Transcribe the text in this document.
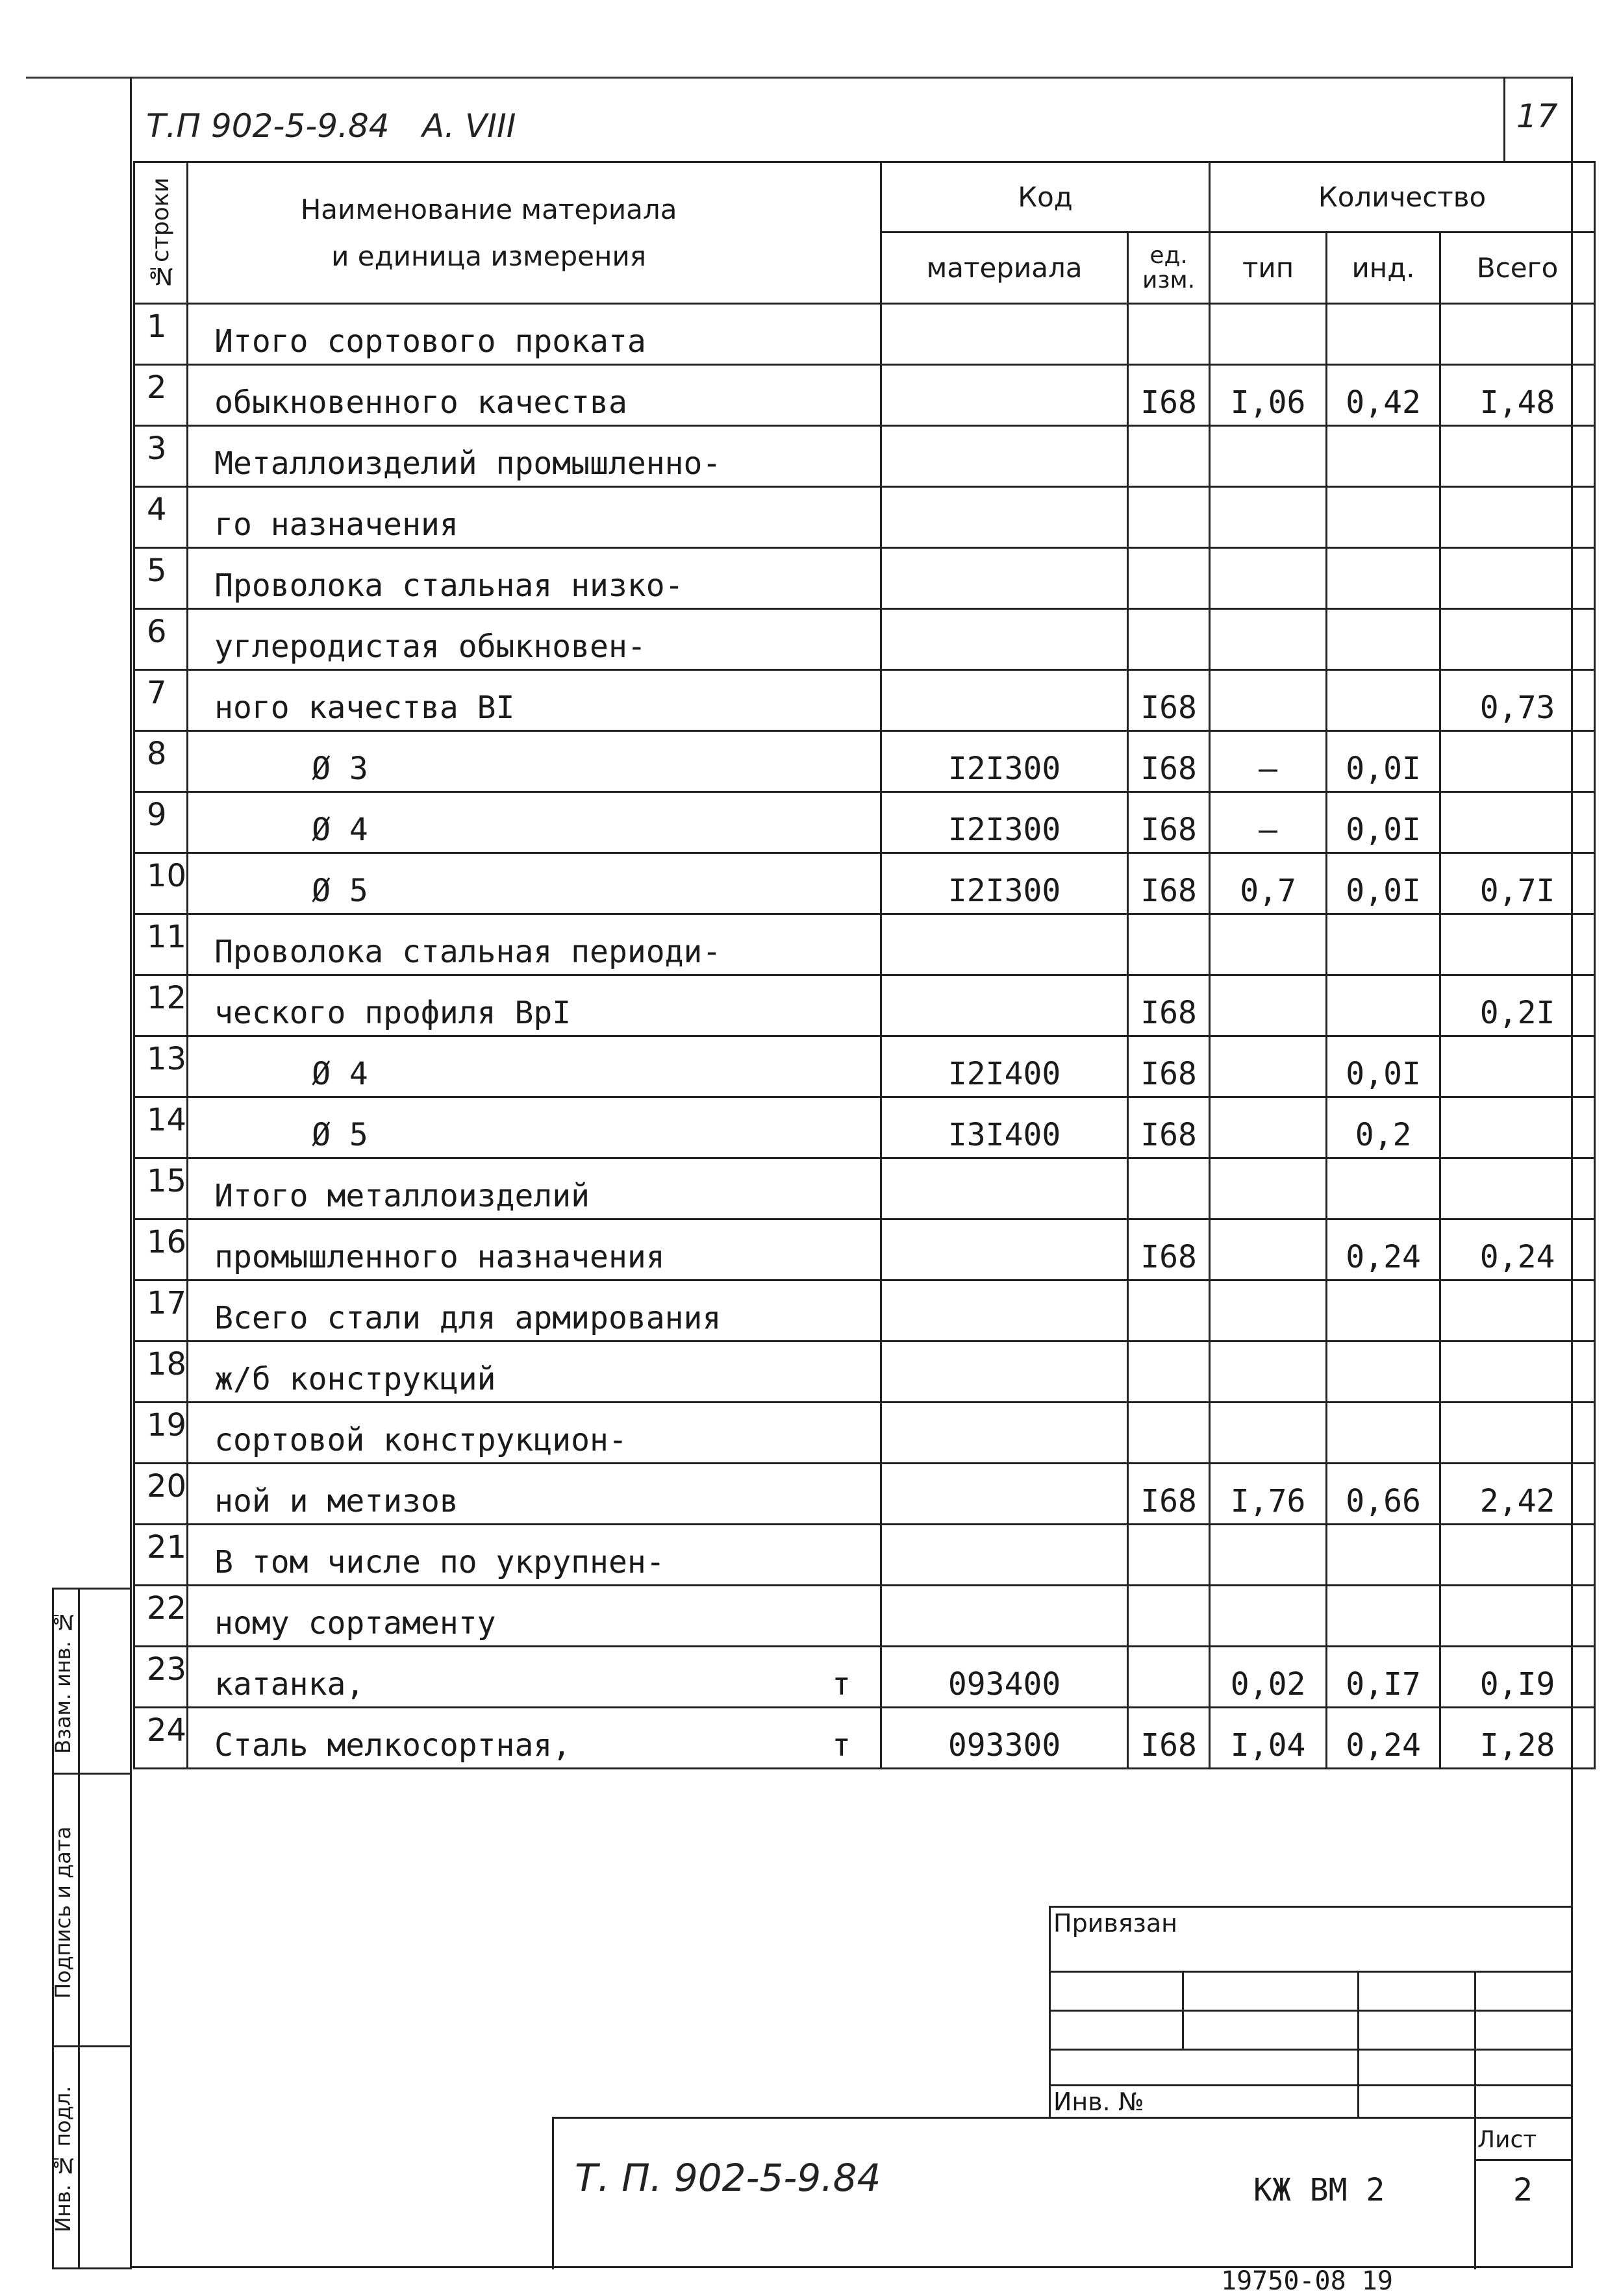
Т.П 902-5-9.84 А. VIII	17
№строки	Наименование материала
и единица измерения	Код		Количество		
		материала	ед. изм.	тип	инд.	Всего
1	Итого сортового проката

2	обыкновенного качества		I68	I,06	0,42	I,48
3	Металлоизделий промышленно-

4	го назначения

5	Проволока стальная низко-

6	углеродистая обыкновен-

7	ного качества ВI		I68			0,73
8	Ø 3	I2I300	I68	–	0,0I	
9	Ø 4	I2I300	I68	–	0,0I	
10	Ø 5	I2I300	I68	0,7	0,0I	0,7I
11	Проволока стальная периоди-

12	ческого профиля ВрI		I68			0,2I
13	Ø 4	I2I400	I68		0,0I	
14	Ø 5	I3I400	I68		0,2	
15	Итого металлоизделий

16	промышленного назначения		I68		0,24	0,24
17	Всего стали для армирования

18	ж/б конструкций

19	сортовой конструкцион-

20	ной и метизов		I68	I,76	0,66	2,42
21	В том числе по укрупнен-

22	ному сортаменту

23	катанка, т	093400		0,02	0,I7	0,I9
24	Сталь мелкосортная, т	093300	I68	I,04	0,24	I,28
Взам. инв. №
Подпись и дата
Инв. № подл.
Привязан
Инв. №
Т. П. 902-5-9.84	КЖ ВМ 2
Лист
2
19750-08 19
